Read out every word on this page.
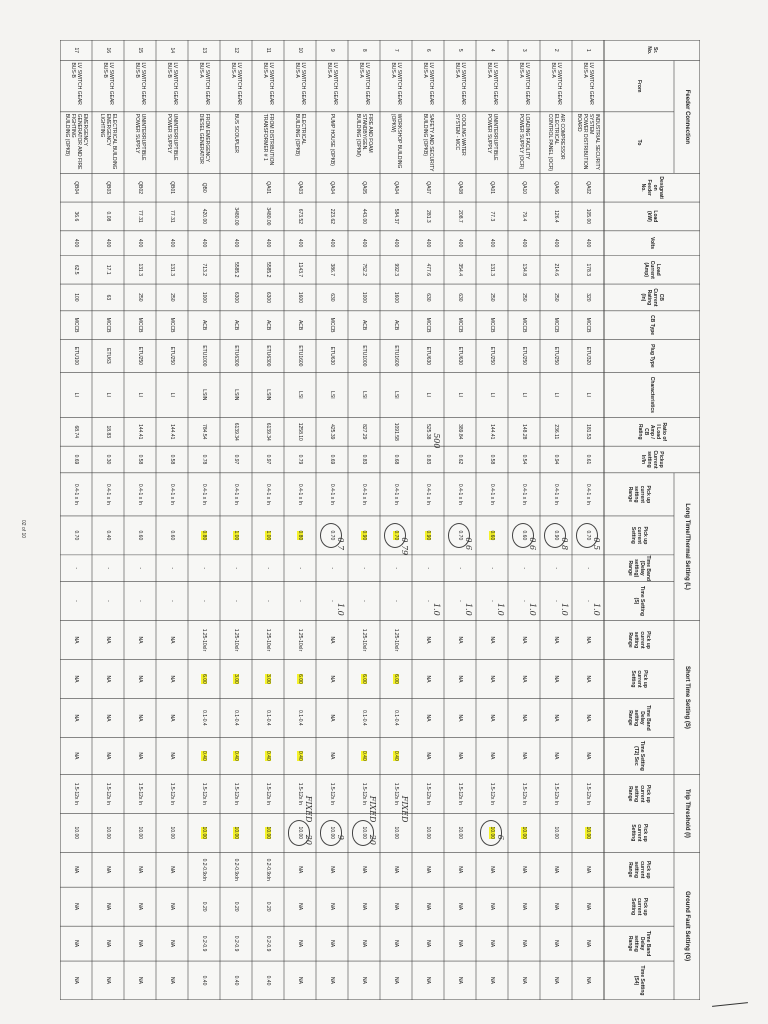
Feeder Connection
Long Time/Thermal Setting (L)
Short Time Setting (S)
Trip Threshold (I)
Ground Fault Setting (G)
Sr.
No.
From
To
Designati
on
Feeder
No.
Load
(kW)
Volts
Load
Current
(Amp)
CB
Current
Rating
(In)
CB Type
Plug Type
Characteristics
Ratio of
I Load
Amp /
CB
Rating
Pickup
Current
setting
Ir/In
Pick up
current
setting
Range
Pick up
current
Setting
Time Band
(Delay
setting)
Range
Time Setting
(S)
Pick up
current
setting
Range
Pick up
current
Setting
Time Band
Delay
setting
Range
Time Setting
(T2) Sec
Pick up
current
setting
Range
Pick up
current
Setting
Pick up
current
setting
Range
Pick up
current
Setting
Time Band
Delay
setting
Range
Time Setting
(S4)
1
LV SWITCH GEAR BUS-A
INDUSTRIAL SECURITY SYSTEM
POWER DISTRIBUTION
BOARD
QA02
105.00
400
178.3
320
MCCB
ETU320
LI
181.53
0.61
0.4-1 x In
0.70
-
-
NA
NA
NA
NA
1.5-12x In
10.00
NA
NA
NA
NA
2
LV SWITCH GEAR BUS-A
AIR COMPRESSOR
ELECTRICAL
CONTROL PANEL (OCR)
QA06
126.4
400
214.6
250
MCCB
ETU250
LI
236.11
0.94
0.4-1 x In
0.90
-
-
NA
NA
NA
NA
1.5-12x In
10.00
NA
NA
NA
NA
3
LV SWITCH GEAR BUS-A
LOADING FACILITY
POWER SUPPLY (OCR)
QA10
79.4
400
134.8
250
MCCB
ETU250
LI
148.28
0.54
0.4-1 x In
0.60
-
-
NA
NA
NA
NA
1.5-12x In
10.00
NA
NA
NA
NA
4
LV SWITCH GEAR BUS-A
UNINTERRUPTIBLE
POWER SUPPLY
QA01
77.3
400
131.3
250
MCCB
ETU250
LI
144.41
0.58
0.4-1 x In
0.60
-
-
NA
NA
NA
NA
1.5-12x In
10.00
NA
NA
NA
NA
5
LV SWITCH GEAR BUS-A
COOLING WATER
SYSTEM - MCC
QA08
208.7
400
354.4
630
MCCB
ETU630
LI
389.84
0.62
0.4-1 x In
0.70
-
-
NA
NA
NA
NA
1.5-12x In
10.00
NA
NA
NA
NA
6
LV SWITCH GEAR BUS-A
SAFETY AND SECURITY
BUILDING (OPKB)
QA07
281.3
400
477.6
630
MCCB
ETU630
LI
525.38
0.83
0.4-1 x In
0.90
-
-
NA
NA
NA
NA
1.5-12x In
10.00
NA
NA
NA
NA
7
LV SWITCH GEAR BUS-A
WORKSHOP BUILDING
(OPKW)
QA04
584.37
400
992.3
1600
ACB
ETU1600
LSI
1091.58
0.68
0.4-1 x In
0.70
-
-
1.25-10xIr
6.00
0.1-0.4
0.40
1.5-12x In
10.00
NA
NA
NA
NA
8
LV SWITCH GEAR BUS-A
FIRE AND FOAM
STANDBY/GEN.
BUILDING (OPKM)
QA05
443.00
400
752.2
1000
ACB
ETU1000
LSI
827.29
0.83
0.4-1 x In
0.90
-
-
1.25-10xIr
6.00
0.1-0.4
0.40
1.5-12x In
10.00
NA
NA
NA
NA
9
LV SWITCH GEAR BUS-A
PUMP HOUSE (OPKB)
QA04
223.62
400
386.7
630
MCCB
ETU630
LSI
425.39
0.69
0.4-1 x In
0.70
-
-
NA
NA
NA
NA
1.5-12x In
10.00
NA
NA
NA
NA
10
LV SWITCH GEAR BUS-A
ELECTRICAL
BUILDING (OPKB)
QA03
673.52
400
1143.7
1600
ACB
ETU1600
LSI
1258.10
0.79
0.4-1 x In
0.80
-
-
1.25-10xIr
6.00
0.1-0.4
0.40
1.5-12x In
10.00
NA
NA
NA
NA
11
LV SWITCH GEAR BUS-A
FROM DISTRIBUTION
TRANSFORMER # 1
QA01
3480.00
400
5585.2
6300
ACB
ETU6300
LSIN
6139.34
0.97
0.4-1 x In
1.00
-
-
1.25-10xIr
3.00
0.1-0.4
0.40
1.5-12x In
10.00
0.2-0.9xIn
0.20
0.2-0.9
0.40
12
LV SWITCH GEAR BUS-A
BUS SCOUPLER
3480.00
400
5585.2
6300
ACB
ETU6300
LSIN
6139.34
0.97
0.4-1 x In
1.00
-
-
1.25-10xIr
3.00
0.1-0.4
0.40
1.5-12x In
10.00
0.2-0.9xIn
0.20
0.2-0.9
0.40
13
LV SWITCH GEAR BUS-A
FROM EMERGENCY
DIESEL GENERATOR
QB0
420.00
400
713.2
1000
ACB
ETU1000
LSIN
784.54
0.78
0.4-1 x In
0.80
-
-
1.25-10xIr
6.00
0.1-0.4
0.40
1.5-12x In
10.00
0.2-0.9xIn
0.20
0.2-0.9
0.40
14
LV SWITCH GEAR BUS-B
UNINTERRUPTIBLE
POWER SUPPLY
QB01
77.31
400
131.3
250
MCCB
ETU250
LI
144.41
0.58
0.4-1 x In
0.60
-
-
NA
NA
NA
NA
1.5-12x In
10.00
NA
NA
NA
NA
15
LV SWITCH GEAR BUS-B
UNINTERRUPTIBLE
POWER SUPPLY
QB02
77.31
400
131.3
250
MCCB
ETU250
LI
144.41
0.58
0.4-1 x In
0.60
-
-
NA
NA
NA
NA
1.5-12x In
10.00
NA
NA
NA
NA
16
LV SWITCH GEAR BUS-B
ELECTRICAL BUILDING
EMERGENCY
LIGHTING
QB03
0.08
400
17.1
63
MCCB
ETU63
LI
18.83
0.30
0.4-1 x In
0.40
-
-
NA
NA
NA
NA
1.5-12x In
10.00
NA
NA
NA
NA
17
LV SWITCH GEAR BUS-B
EMERGENCY
GENERATOR AND FIRE
FIGHTING
BUILDING (OPKB)
QB04
36.6
400
62.5
100
MCCB
ETU100
LI
68.74
0.69
0.4-1 x In
0.70
-
-
NA
NA
NA
NA
1.5-12x In
10.00
NA
NA
NA
NA
0.5
0.8
0.6
0.6
0.79
0.7
1.0
1.0
1.0
1.0
1.0
1.0
1.0
FIXED
FIXED
FIXED
20
20	9	6
500
02 of 10
